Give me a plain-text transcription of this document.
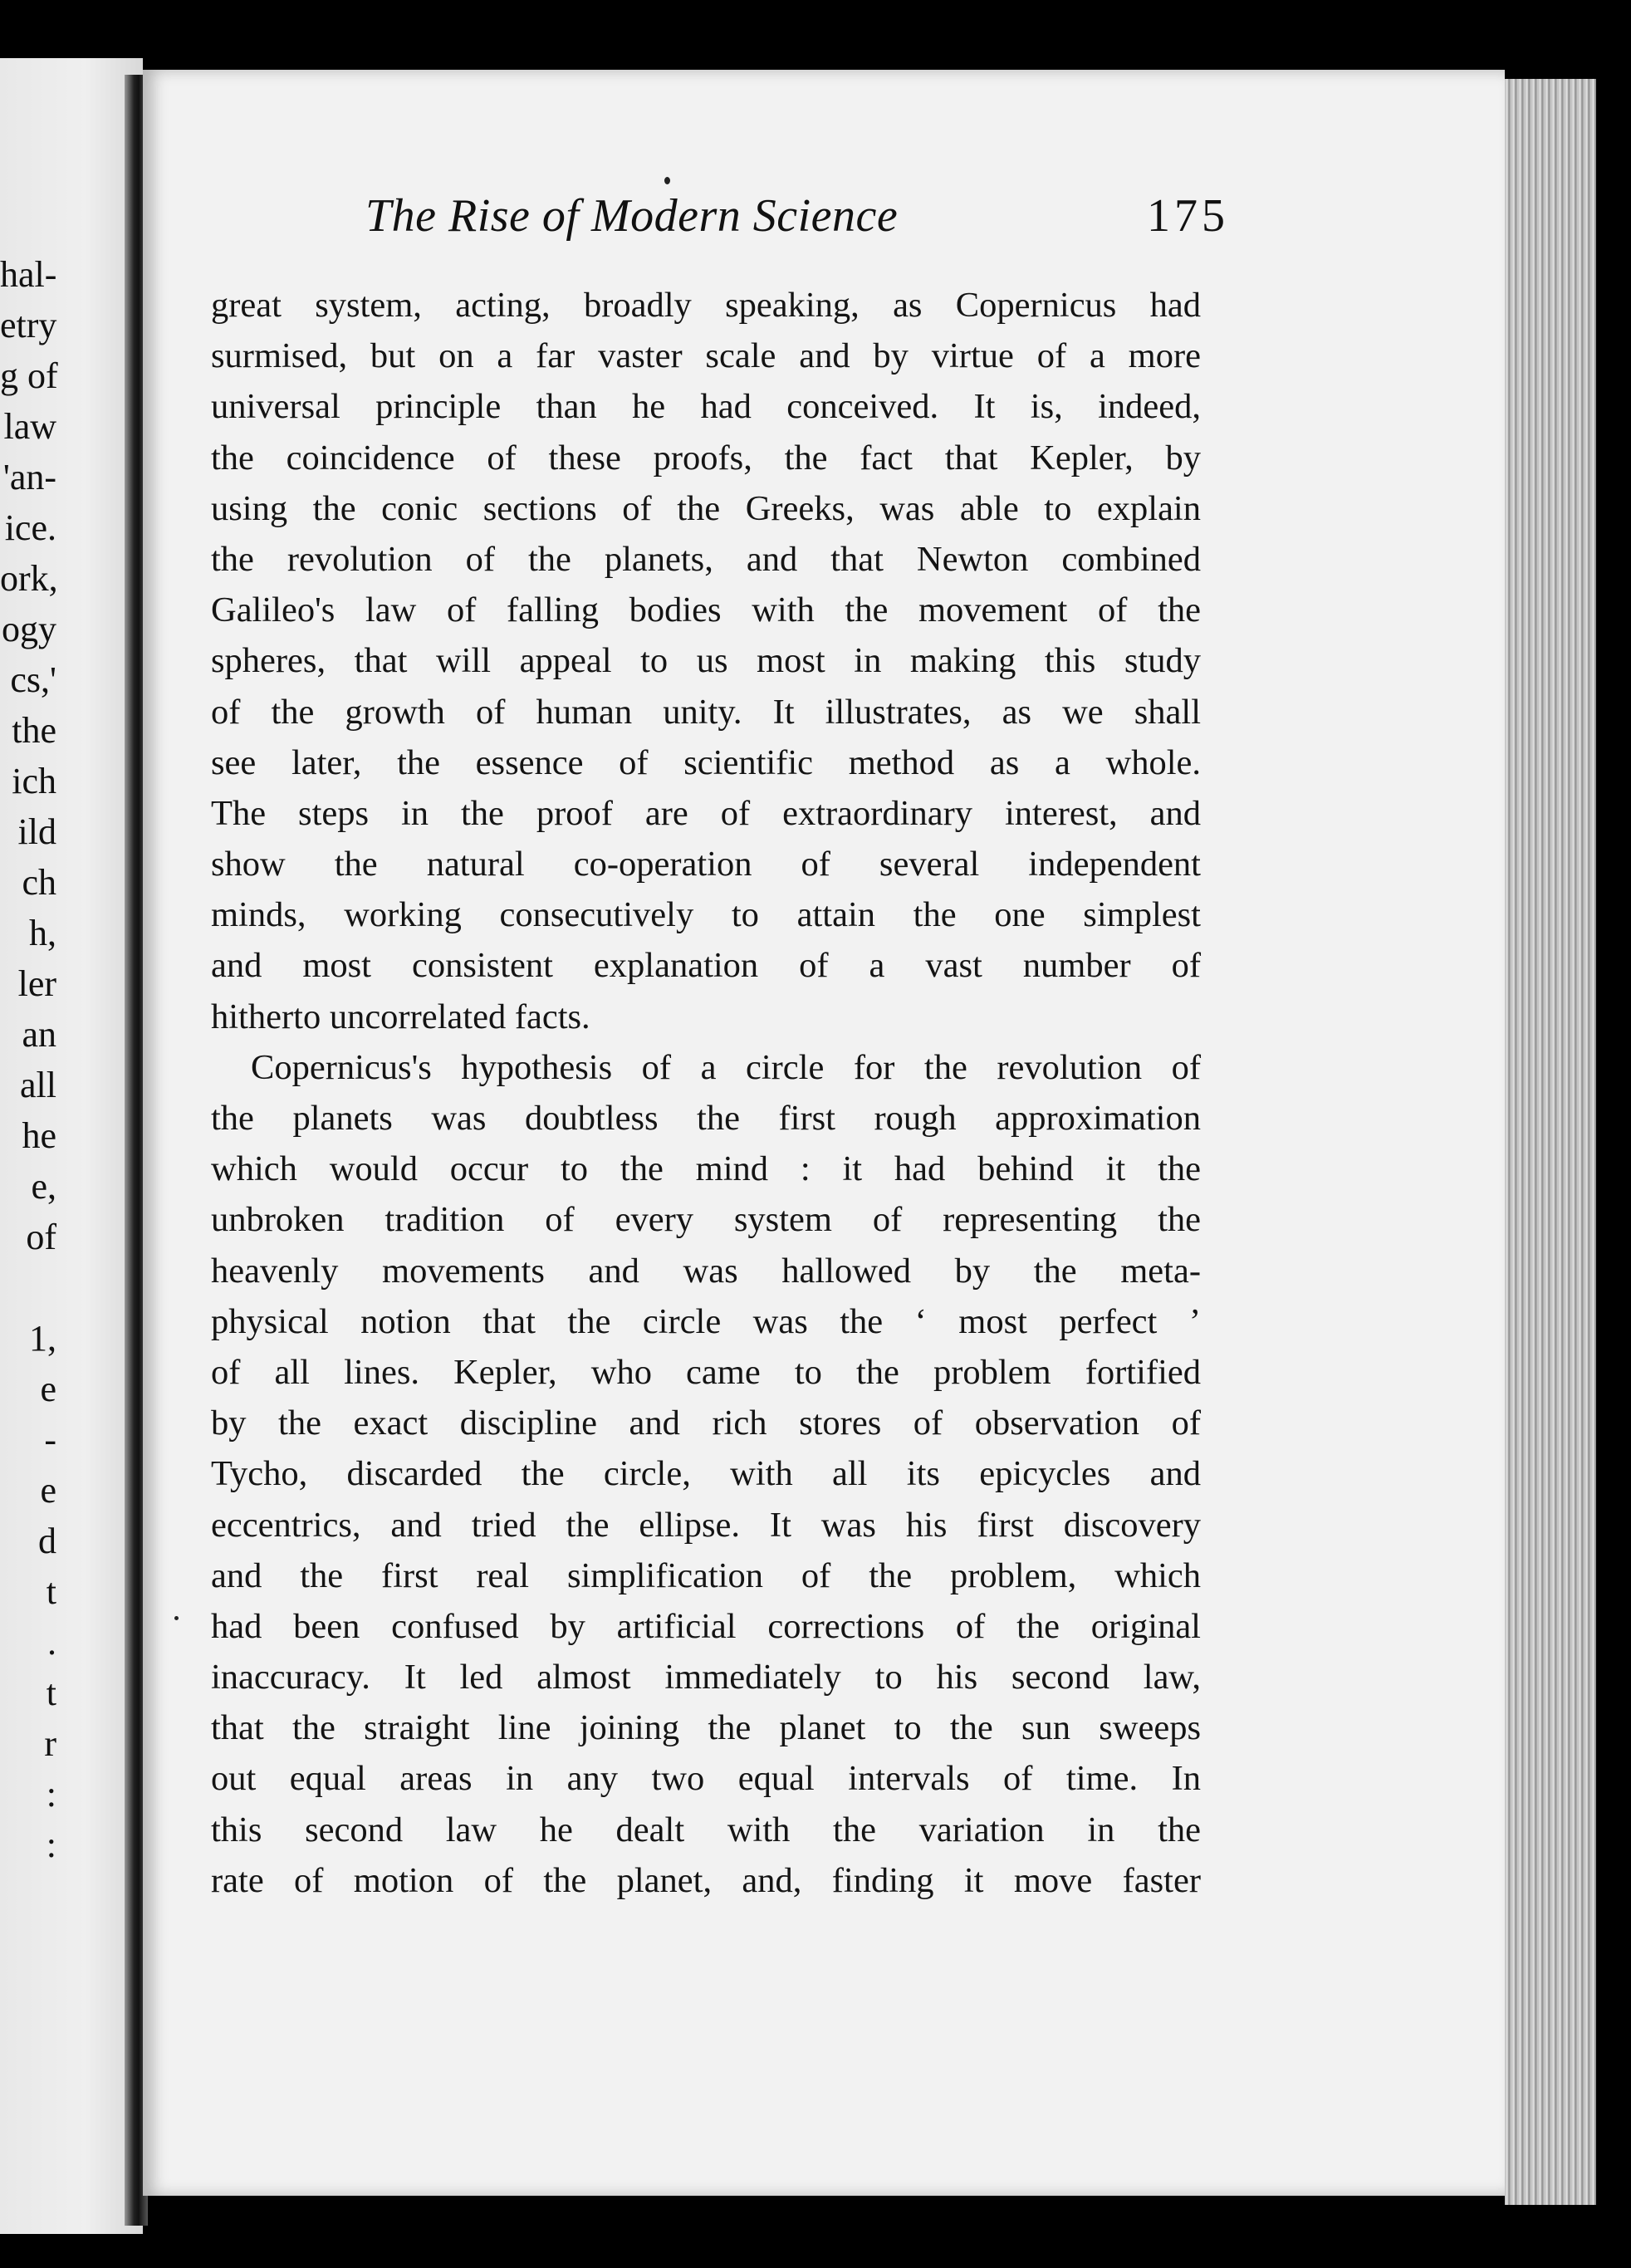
hal-
etry
g of
law
'an-
ice.
ork,
ogy
cs,'
the
ich
ild
ch
h,
ler
an
all
he
e,
of
1,
e
-
e
d
t
.
t
r
:
:
The Rise of Modern Science	175
great system, acting, broadly speaking, as Copernicus had
surmised, but on a far vaster scale and by virtue of a more
universal principle than he had conceived. It is, indeed,
the coincidence of these proofs, the fact that Kepler, by
using the conic sections of the Greeks, was able to explain
the revolution of the planets, and that Newton combined
Galileo's law of falling bodies with the movement of the
spheres, that will appeal to us most in making this study
of the growth of human unity. It illustrates, as we shall
see later, the essence of scientific method as a whole.
The steps in the proof are of extraordinary interest, and
show the natural co-operation of several independent
minds, working consecutively to attain the one simplest
and most consistent explanation of a vast number of
hitherto uncorrelated facts.
Copernicus's hypothesis of a circle for the revolution of
the planets was doubtless the first rough approximation
which would occur to the mind : it had behind it the
unbroken tradition of every system of representing the
heavenly movements and was hallowed by the meta-
physical notion that the circle was the ‘ most perfect ’
of all lines. Kepler, who came to the problem fortified
by the exact discipline and rich stores of observation of
Tycho, discarded the circle, with all its epicycles and
eccentrics, and tried the ellipse. It was his first discovery
and the first real simplification of the problem, which
had been confused by artificial corrections of the original
inaccuracy. It led almost immediately to his second law,
that the straight line joining the planet to the sun sweeps
out equal areas in any two equal intervals of time. In
this second law he dealt with the variation in the
rate of motion of the planet, and, finding it move faster
